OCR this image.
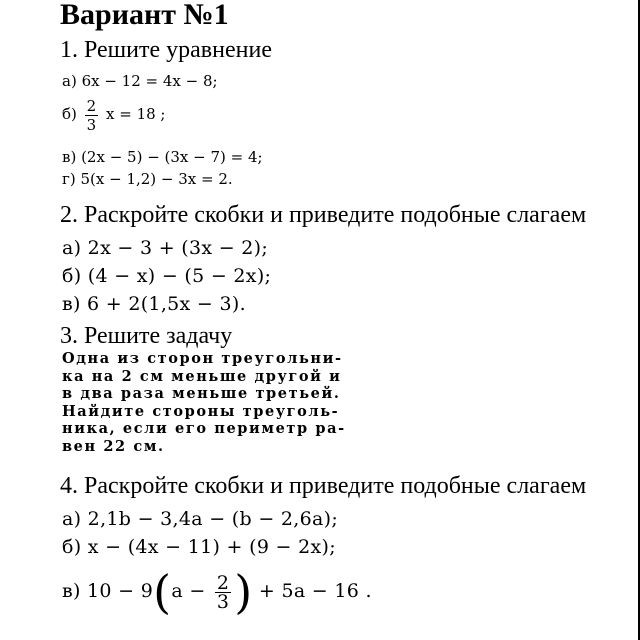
Вариант №1
1. Решите уравнение
а) 6x − 12 = 4x − 8;
$б) \frac{2}{3}$ x = 18 ;
в) (2x − 5) − (3x − 7) = 4;
г) 5(x − 1,2) − 3x = 2.
2. Раскройте скобки и приведите подобные слагаем
а) 2x − 3 + (3x − 2);
б) (4 − x) − (5 − 2x);
в) 6 + 2(1,5x − 3).
3. Решите задачу
Одна из сторон треугольни-
ка на 2 см меньше другой и
в два раза меньше третьей.
Найдите стороны треуголь-
ника, если его периметр ра-
вен 22 см.
4. Раскройте скобки и приведите подобные слагаем
а) 2,1b − 3,4a − (b − 2,6a);
б) x − (4x − 11) + (9 − 2x);
в) $10 - 9(a - \frac{2}{3}$ ) + 5a − 16 .
